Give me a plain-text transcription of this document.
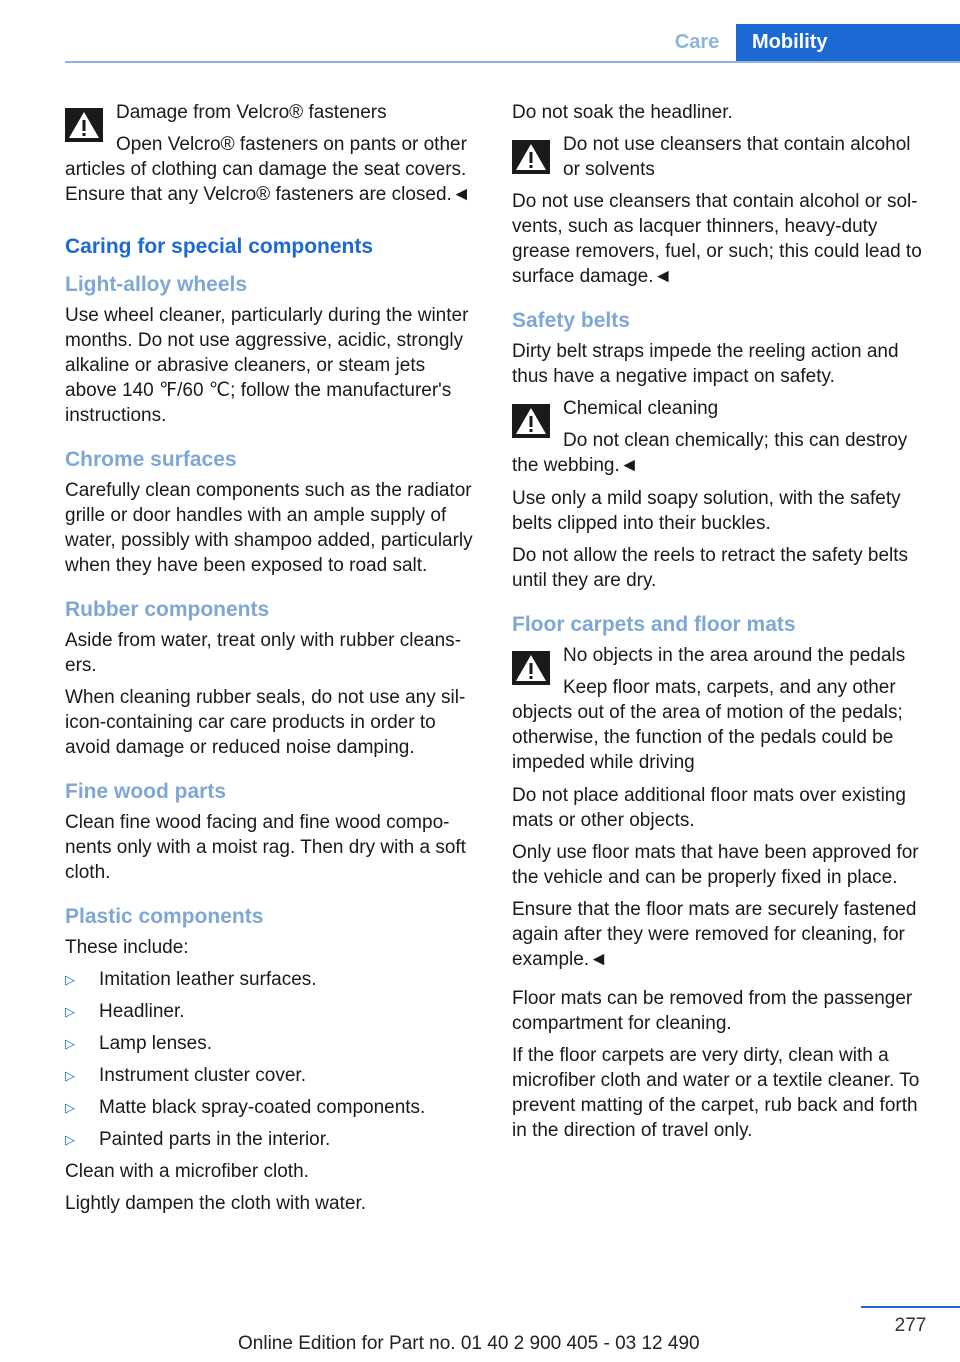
Care	Mobility
Damage from Velcro® fasteners
Open Velcro® fasteners on pants or other articles of clothing can damage the seat covers. Ensure that any Velcro® fasteners are closed.◄
Caring for special components
Light-alloy wheels

Use wheel cleaner, particularly during the winter months. Do not use aggressive, acidic, strongly alkaline or abrasive cleaners, or steam jets above 140 ℉/60 ℃; follow the manufacturer's instructions.

Chrome surfaces

Carefully clean components such as the radiator grille or door handles with an ample supply of water, possibly with shampoo added, particularly when they have been exposed to road salt.

Rubber components

Aside from water, treat only with rubber cleansers.

When cleaning rubber seals, do not use any silicon-containing car care products in order to avoid damage or reduced noise damping.

Fine wood parts

Clean fine wood facing and fine wood components only with a moist rag. Then dry with a soft cloth.

Plastic components

These include:

▷ Imitation leather surfaces.
▷ Headliner.
▷ Lamp lenses.
▷ Instrument cluster cover.
▷ Matte black spray-coated components.
▷ Painted parts in the interior.

Clean with a microfiber cloth.

Lightly dampen the cloth with water.

Do not soak the headliner.

Do not use cleansers that contain alcohol or solvents
Do not use cleansers that contain alcohol or solvents, such as lacquer thinners, heavy-duty grease removers, fuel, or such; this could lead to surface damage.◄
Safety belts

Dirty belt straps impede the reeling action and thus have a negative impact on safety.

Chemical cleaning
Do not clean chemically; this can destroy the webbing.◄

Use only a mild soapy solution, with the safety belts clipped into their buckles.

Do not allow the reels to retract the safety belts until they are dry.

Floor carpets and floor mats
No objects in the area around the pedals
Keep floor mats, carpets, and any other objects out of the area of motion of the pedals; otherwise, the function of the pedals could be impeded while driving

Do not place additional floor mats over existing mats or other objects.

Only use floor mats that have been approved for the vehicle and can be properly fixed in place.

Ensure that the floor mats are securely fastened again after they were removed for cleaning, for example.◄

Floor mats can be removed from the passenger compartment for cleaning.

If the floor carpets are very dirty, clean with a microfiber cloth and water or a textile cleaner. To prevent matting of the carpet, rub back and forth in the direction of travel only.

277
Online Edition for Part no. 01 40 2 900 405 - 03 12 490
